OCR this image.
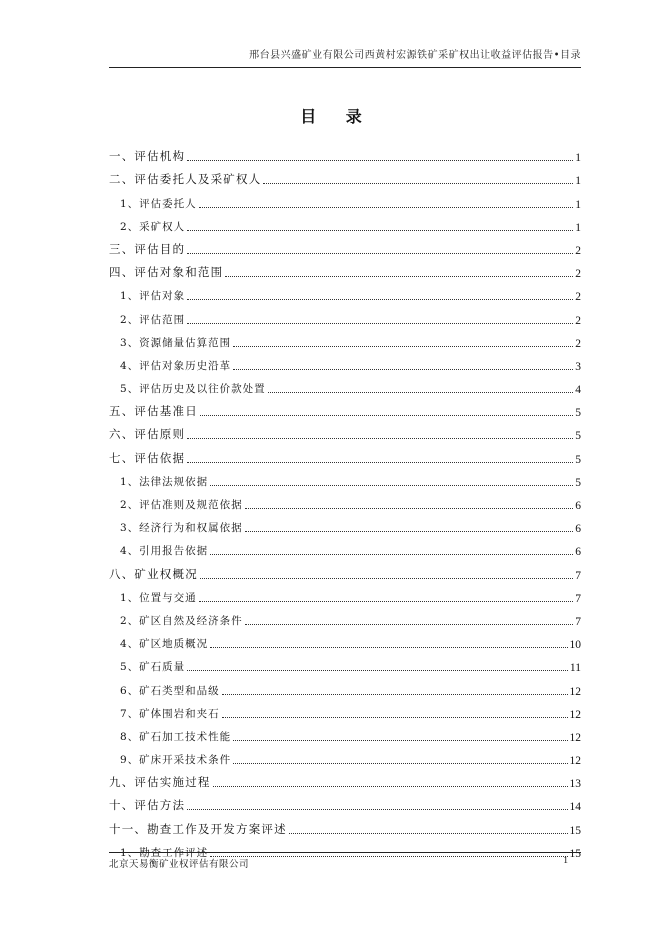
邢台县兴盛矿业有限公司西黄村宏源铁矿采矿权出让收益评估报告•目录
目 录
一、评估机构	1
二、评估委托人及采矿权人	1
1、评估委托人	1
2、采矿权人	1
三、评估目的	2
四、评估对象和范围	2
1、评估对象	2
2、评估范围	2
3、资源储量估算范围	2
4、评估对象历史沿革	3
5、评估历史及以往价款处置	4
五、评估基准日	5
六、评估原则	5
七、评估依据	5
1、法律法规依据	5
2、评估准则及规范依据	6
3、经济行为和权属依据	6
4、引用报告依据	6
八、矿业权概况	7
1、位置与交通	7
2、矿区自然及经济条件	7
4、矿区地质概况	10
5、矿石质量	11
6、矿石类型和品级	12
7、矿体围岩和夹石	12
8、矿石加工技术性能	12
9、矿床开采技术条件	12
九、评估实施过程	13
十、评估方法	14
十一、勘查工作及开发方案评述	15
1、勘查工作评述	15
北京天易衡矿业权评估有限公司	1
